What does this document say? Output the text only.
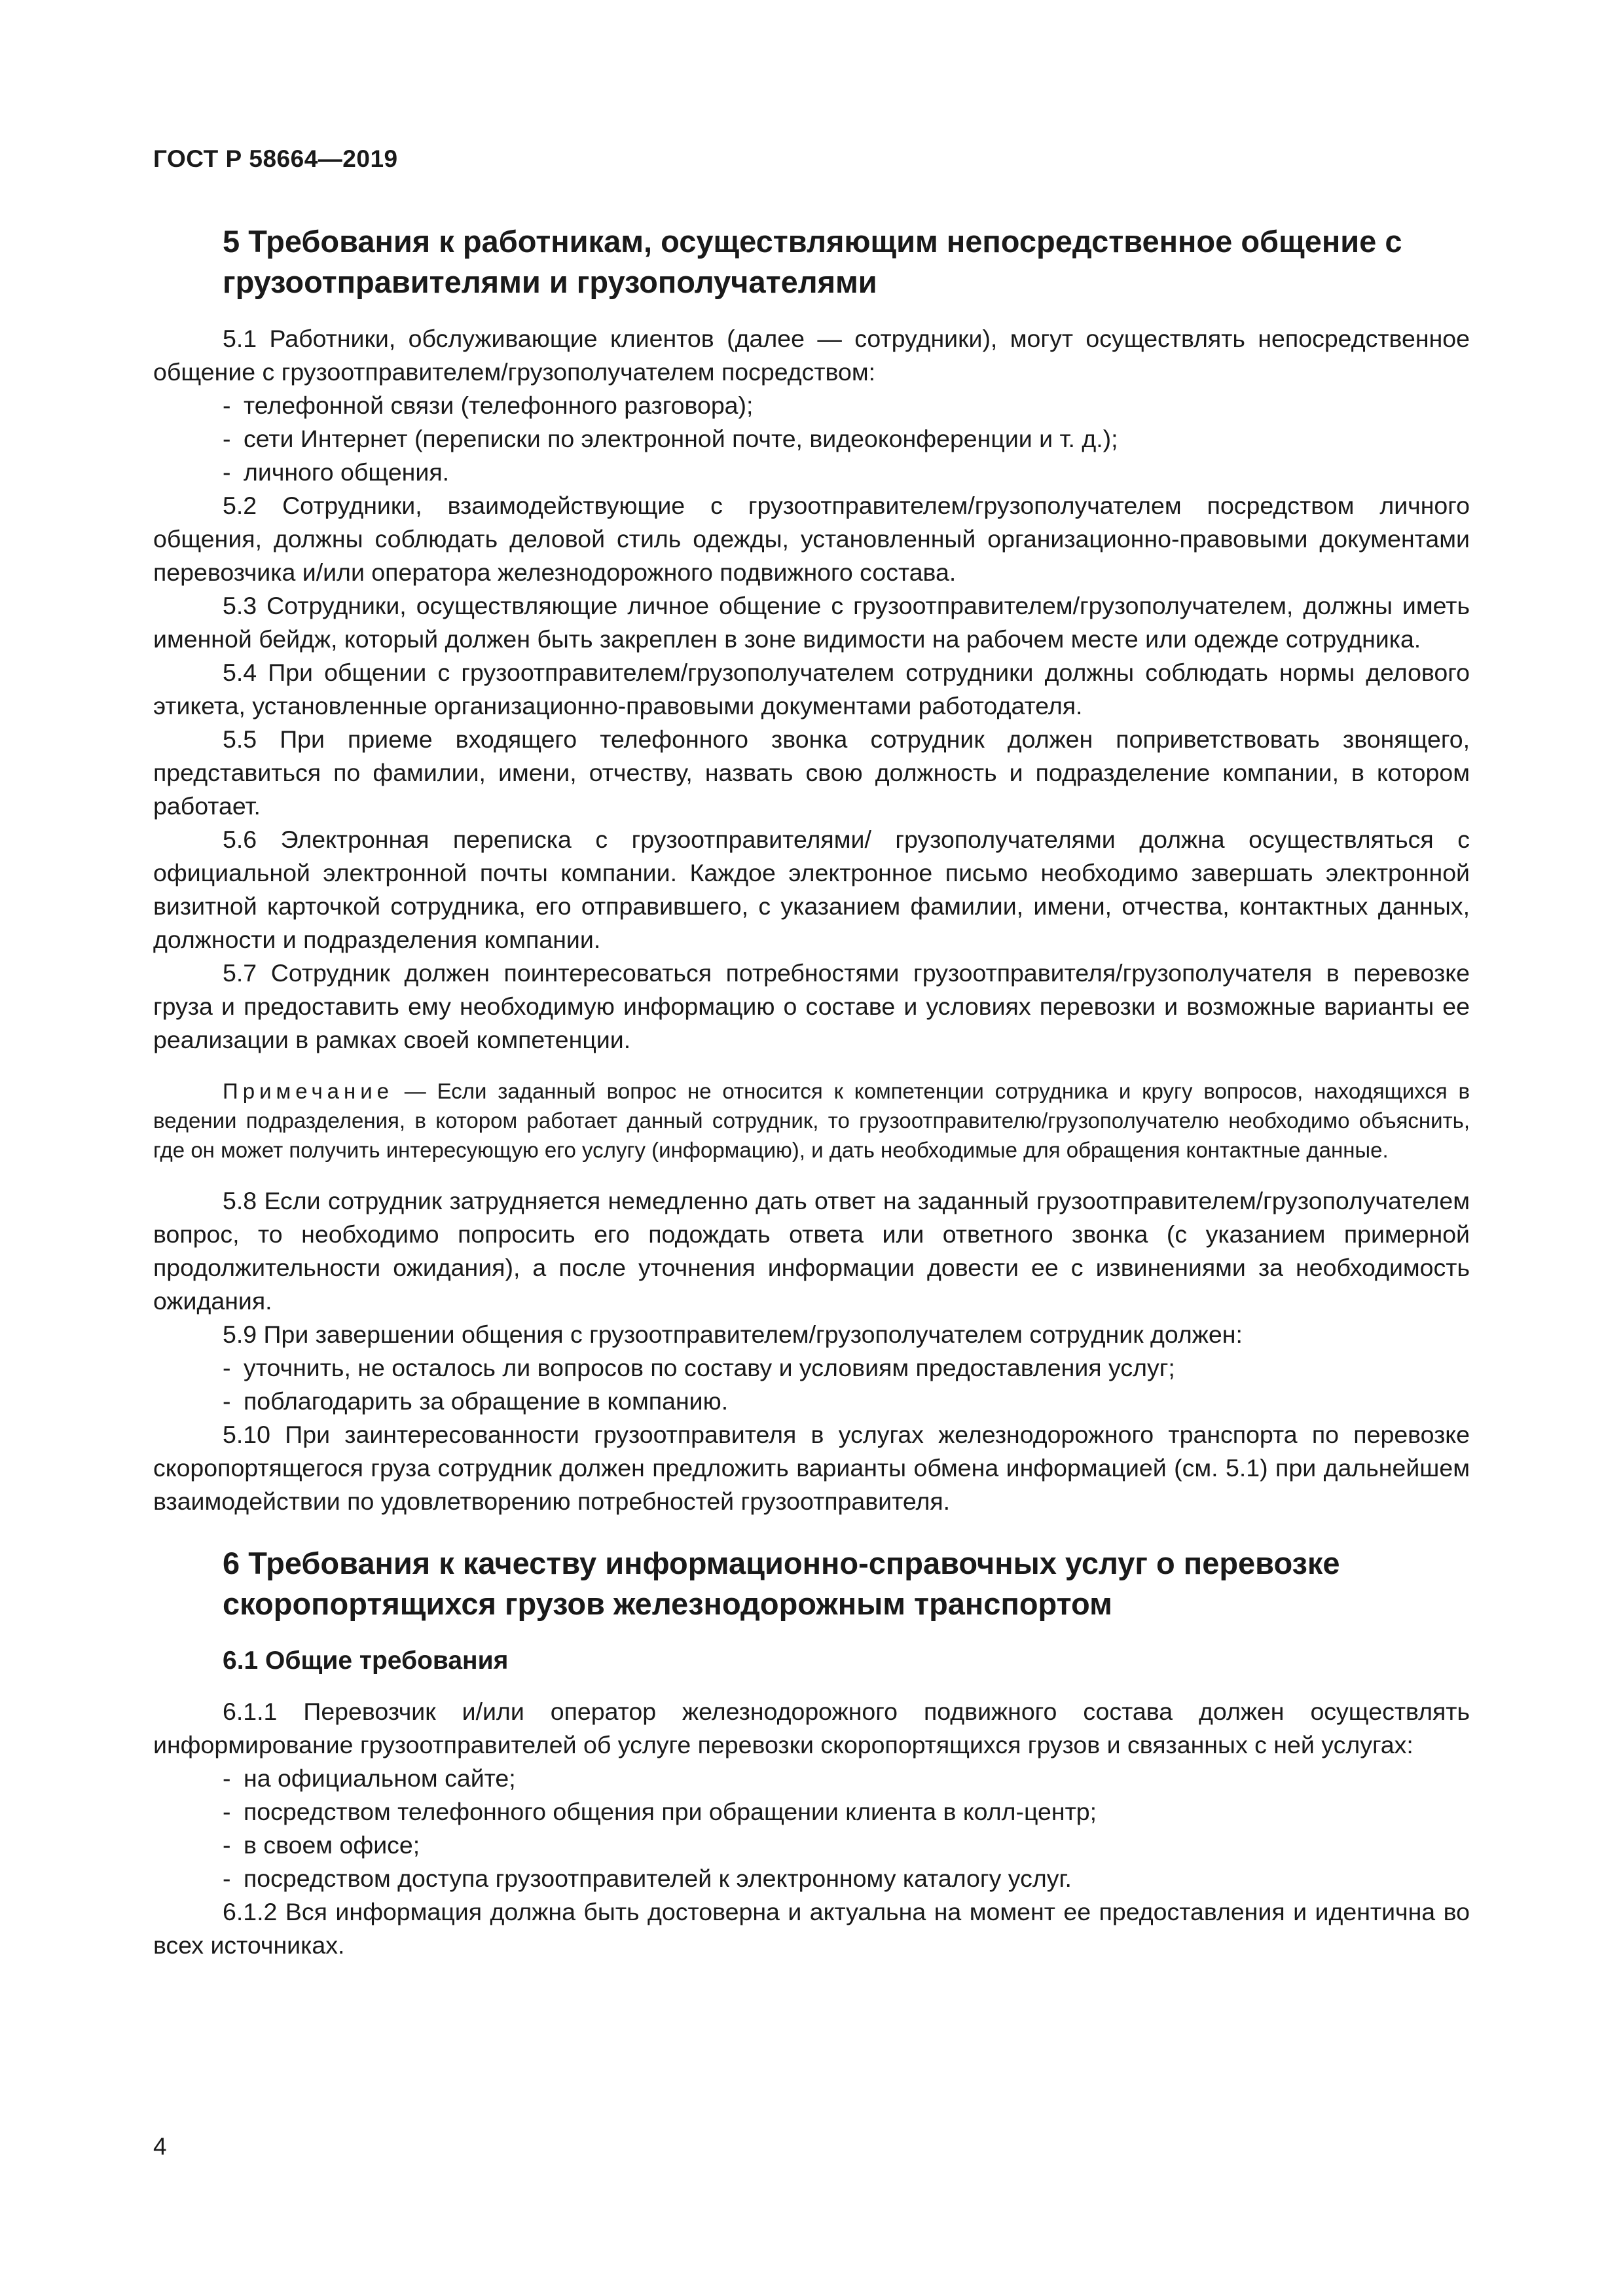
ГОСТ Р 58664—2019
5 Требования к работникам, осуществляющим непосредственное общение с грузоотправителями и грузополучателями

5.1 Работники, обслуживающие клиентов (далее — сотрудники), могут осуществлять непосредственное общение с грузоотправителем/грузополучателем посредством:

- телефонной связи (телефонного разговора);
- сети Интернет (переписки по электронной почте, видеоконференции и т. д.);
- личного общения.

5.2 Сотрудники, взаимодействующие с грузоотправителем/грузополучателем посредством личного общения, должны соблюдать деловой стиль одежды, установленный организационно-правовыми документами перевозчика и/или оператора железнодорожного подвижного состава.

5.3 Сотрудники, осуществляющие личное общение с грузоотправителем/грузополучателем, должны иметь именной бейдж, который должен быть закреплен в зоне видимости на рабочем месте или одежде сотрудника.

5.4 При общении с грузоотправителем/грузополучателем сотрудники должны соблюдать нормы делового этикета, установленные организационно-правовыми документами работодателя.

5.5 При приеме входящего телефонного звонка сотрудник должен поприветствовать звонящего, представиться по фамилии, имени, отчеству, назвать свою должность и подразделение компании, в котором работает.

5.6 Электронная переписка с грузоотправителями/ грузополучателями должна осуществляться с официальной электронной почты компании. Каждое электронное письмо необходимо завершать электронной визитной карточкой сотрудника, его отправившего, с указанием фамилии, имени, отчества, контактных данных, должности и подразделения компании.

5.7 Сотрудник должен поинтересоваться потребностями грузоотправителя/грузополучателя в перевозке груза и предоставить ему необходимую информацию о составе и условиях перевозки и возможные варианты ее реализации в рамках своей компетенции.

Примечание — Если заданный вопрос не относится к компетенции сотрудника и кругу вопросов, находящихся в ведении подразделения, в котором работает данный сотрудник, то грузоотправителю/грузополучателю необходимо объяснить, где он может получить интересующую его услугу (информацию), и дать необходимые для обращения контактные данные.

5.8 Если сотрудник затрудняется немедленно дать ответ на заданный грузоотправителем/грузополучателем вопрос, то необходимо попросить его подождать ответа или ответного звонка (с указанием примерной продолжительности ожидания), а после уточнения информации довести ее с извинениями за необходимость ожидания.

5.9 При завершении общения с грузоотправителем/грузополучателем сотрудник должен:

- уточнить, не осталось ли вопросов по составу и условиям предоставления услуг;
- поблагодарить за обращение в компанию.

5.10 При заинтересованности грузоотправителя в услугах железнодорожного транспорта по перевозке скоропортящегося груза сотрудник должен предложить варианты обмена информацией (см. 5.1) при дальнейшем взаимодействии по удовлетворению потребностей грузоотправителя.

6 Требования к качеству информационно-справочных услуг о перевозке скоропортящихся грузов железнодорожным транспортом
6.1 Общие требования

6.1.1 Перевозчик и/или оператор железнодорожного подвижного состава должен осуществлять информирование грузоотправителей об услуге перевозки скоропортящихся грузов и связанных с ней услугах:

- на официальном сайте;
- посредством телефонного общения при обращении клиента в колл-центр;
- в своем офисе;
- посредством доступа грузоотправителей к электронному каталогу услуг.

6.1.2 Вся информация должна быть достоверна и актуальна на момент ее предоставления и идентична во всех источниках.

4
